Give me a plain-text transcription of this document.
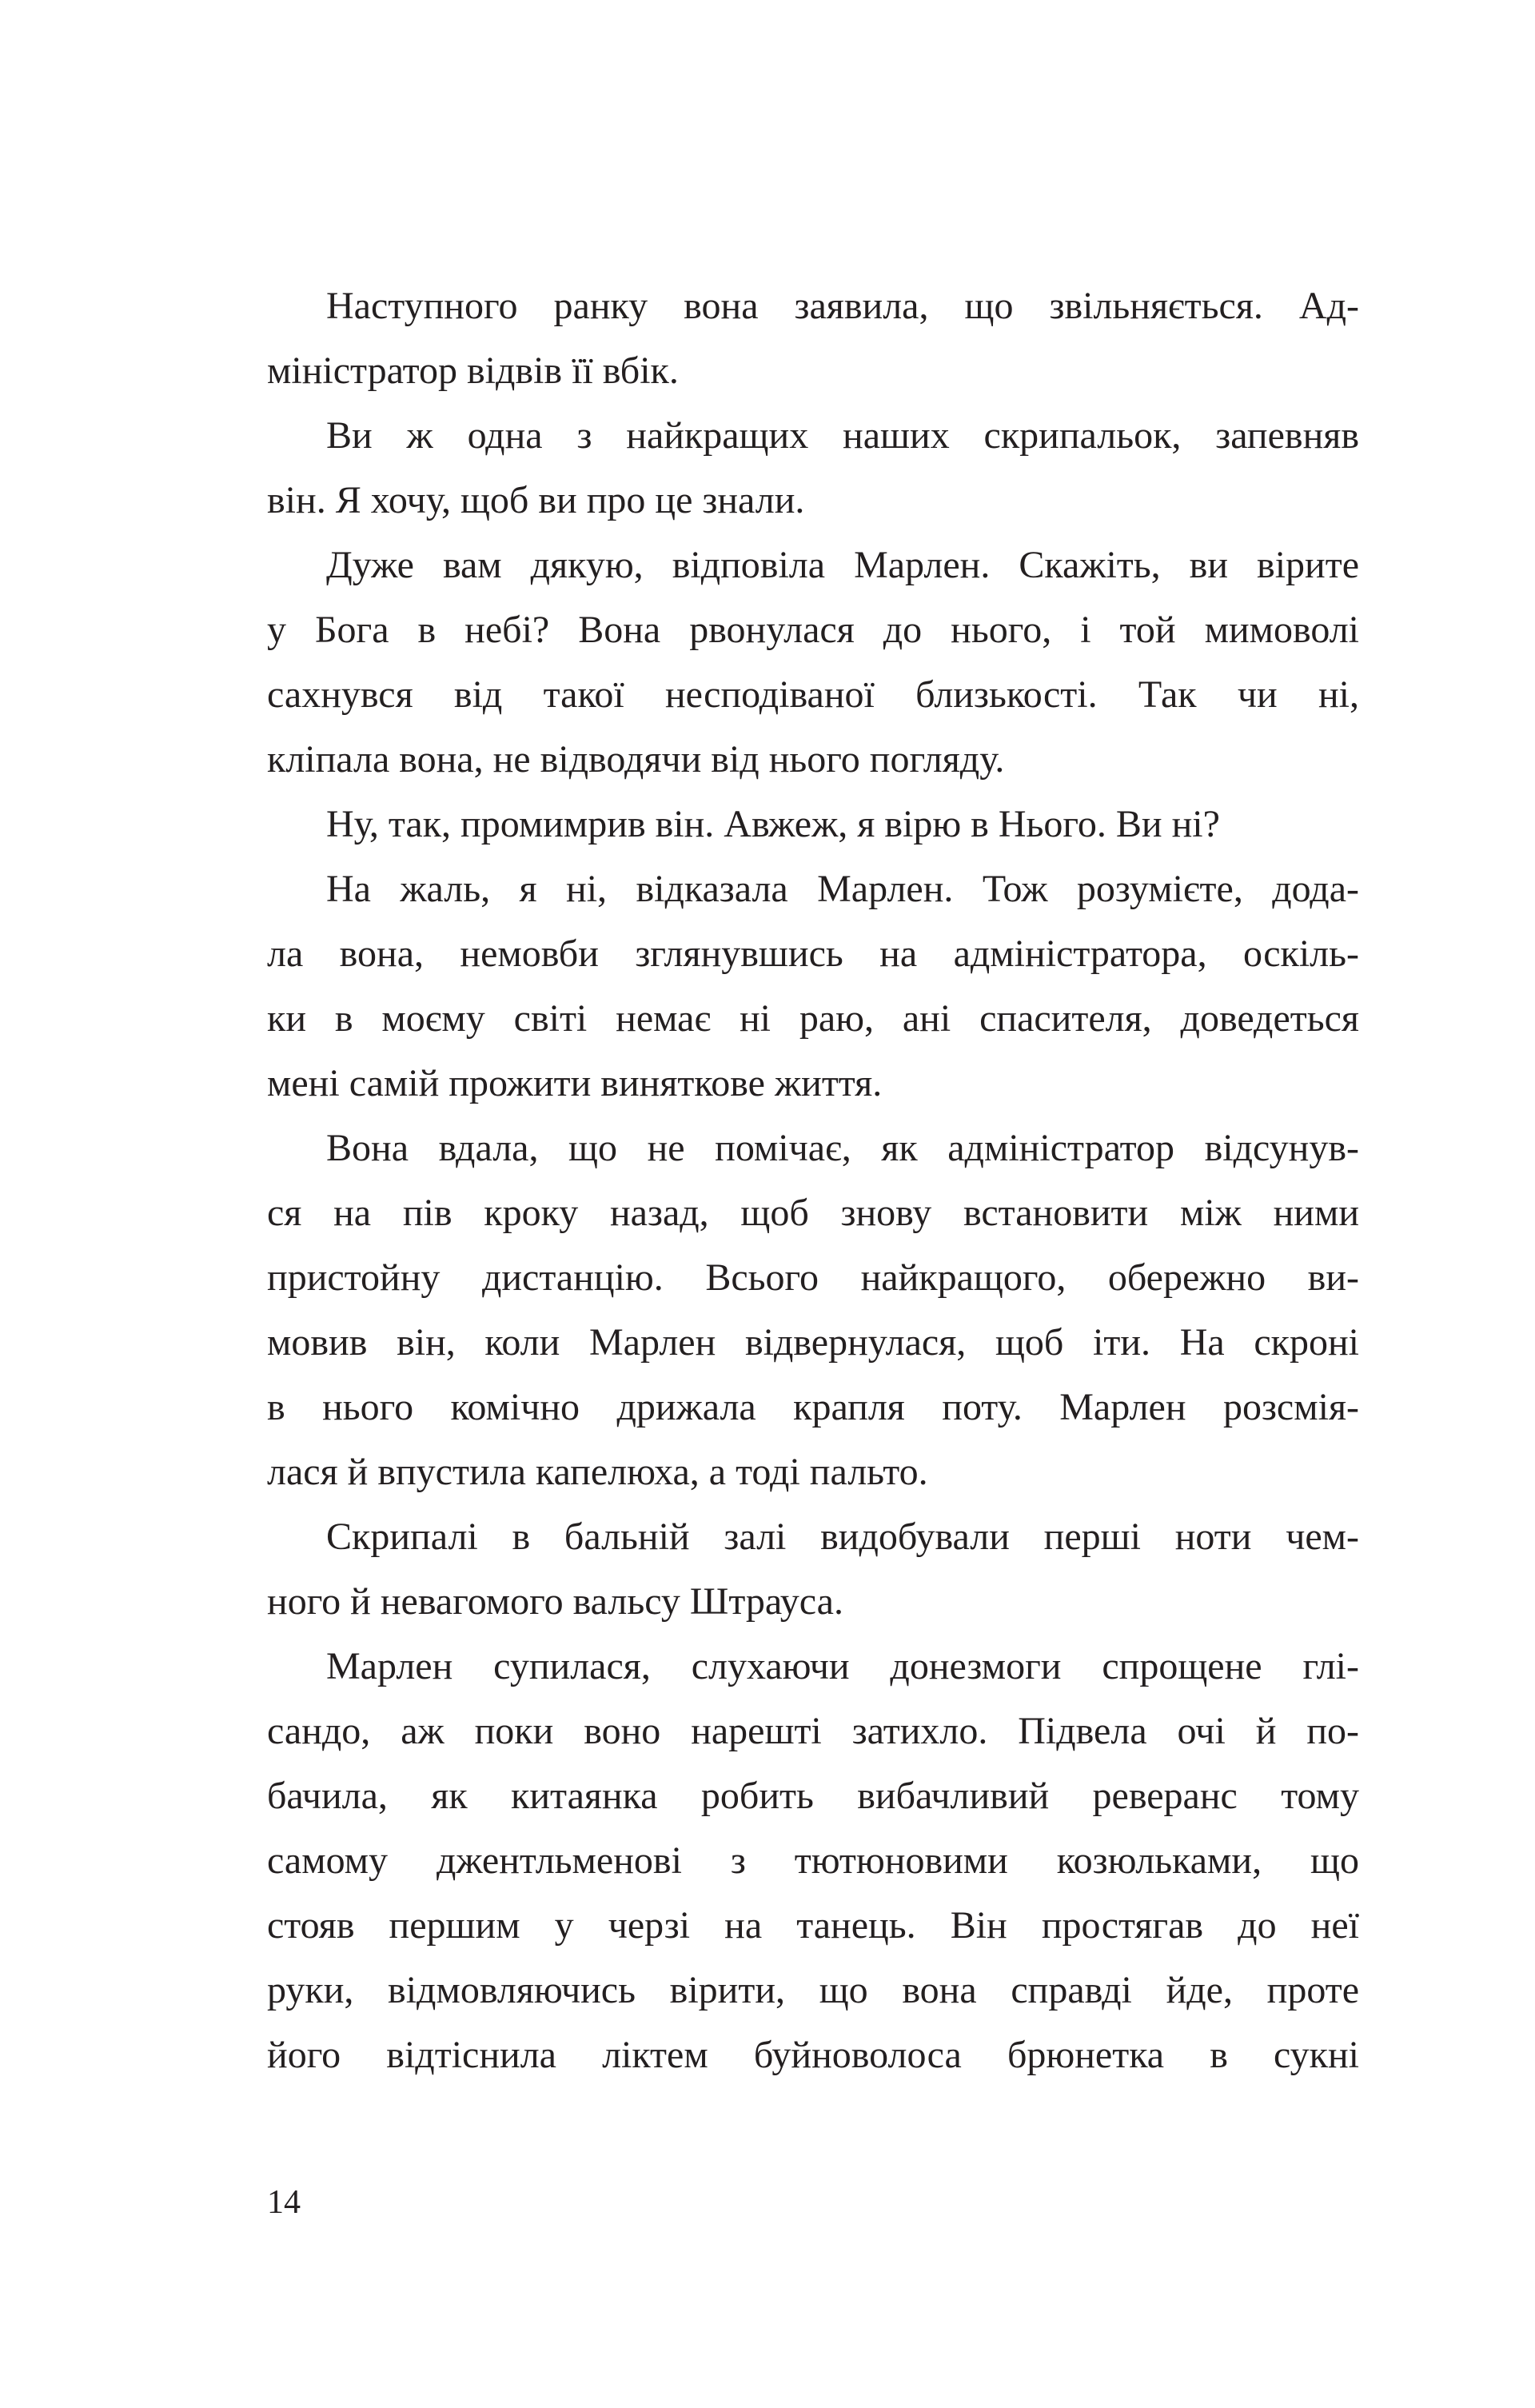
Наступного ранку вона заявила, що звільняється. Ад-
міністратор відвів її вбік.
Ви ж одна з найкращих наших скрипальок, запевняв
він. Я хочу, щоб ви про це знали.
Дуже вам дякую, відповіла Марлен. Скажіть, ви вірите
у Бога в небі? Вона рвонулася до нього, і той мимоволі
сахнувся від такої несподіваної близькості. Так чи ні,
кліпала вона, не відводячи від нього погляду.
Ну, так, промимрив він. Авжеж, я вірю в Нього. Ви ні?
На жаль, я ні, відказала Марлен. Тож розумієте, дода-
ла вона, немовби зглянувшись на адміністратора, оскіль-
ки в моєму світі немає ні раю, ані спасителя, доведеться
мені самій прожити виняткове життя.
Вона вдала, що не помічає, як адміністратор відсунув-
ся на пів кроку назад, щоб знову встановити між ними
пристойну дистанцію. Всього найкращого, обережно ви-
мовив він, коли Марлен відвернулася, щоб іти. На скроні
в нього комічно дрижала крапля поту. Марлен розсмія-
лася й впустила капелюха, а тоді пальто.
Скрипалі в бальній залі видобували перші ноти чем-
ного й невагомого вальсу Штрауса.
Марлен супилася, слухаючи донезмоги спрощене глі-
сандо, аж поки воно нарешті затихло. Підвела очі й по-
бачила, як китаянка робить вибачливий реверанс тому
самому джентльменові з тютюновими козюльками, що
стояв першим у черзі на танець. Він простягав до неї
руки, відмовляючись вірити, що вона справді йде, проте
його відтіснила ліктем буйноволоса брюнетка в сукні
14
